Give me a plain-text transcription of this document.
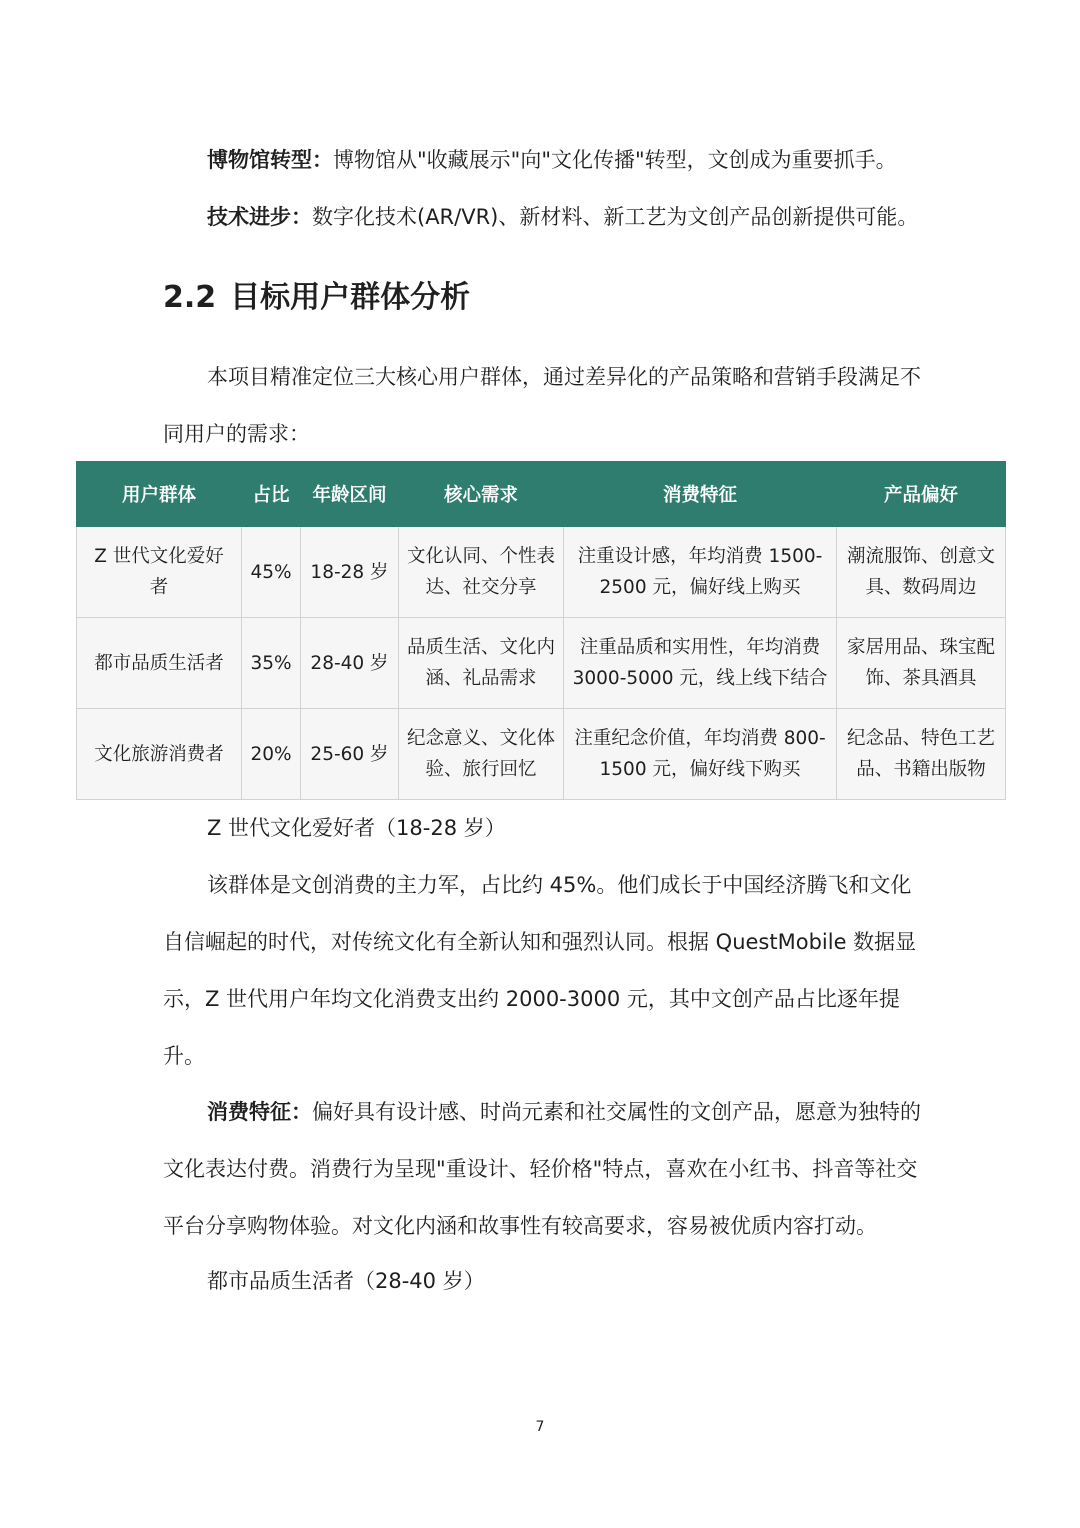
博物馆转型：博物馆从"收藏展示"向"文化传播"转型，文创成为重要抓手。

技术进步：数字化技术(AR/VR)、新材料、新工艺为文创产品创新提供可能。

2.2 目标用户群体分析

本项目精准定位三大核心用户群体，通过差异化的产品策略和营销手段满足不同用户的需求：

用户群体	占比	年龄区间	核心需求	消费特征	产品偏好
Z 世代文化爱好者	45%	18-28 岁	文化认同、个性表达、社交分享	注重设计感，年均消费 1500-2500 元，偏好线上购买	潮流服饰、创意文具、数码周边
都市品质生活者	35%	28-40 岁	品质生活、文化内涵、礼品需求	注重品质和实用性，年均消费 3000-5000 元，线上线下结合	家居用品、珠宝配饰、茶具酒具
文化旅游消费者	20%	25-60 岁	纪念意义、文化体验、旅行回忆	注重纪念价值，年均消费 800-1500 元，偏好线下购买	纪念品、特色工艺品、书籍出版物

Z 世代文化爱好者（18-28 岁）

该群体是文创消费的主力军，占比约 45%。他们成长于中国经济腾飞和文化自信崛起的时代，对传统文化有全新认知和强烈认同。根据 QuestMobile 数据显示，Z 世代用户年均文化消费支出约 2000-3000 元，其中文创产品占比逐年提升。

消费特征：偏好具有设计感、时尚元素和社交属性的文创产品，愿意为独特的文化表达付费。消费行为呈现"重设计、轻价格"特点，喜欢在小红书、抖音等社交平台分享购物体验。对文化内涵和故事性有较高要求，容易被优质内容打动。

都市品质生活者（28-40 岁）

7
